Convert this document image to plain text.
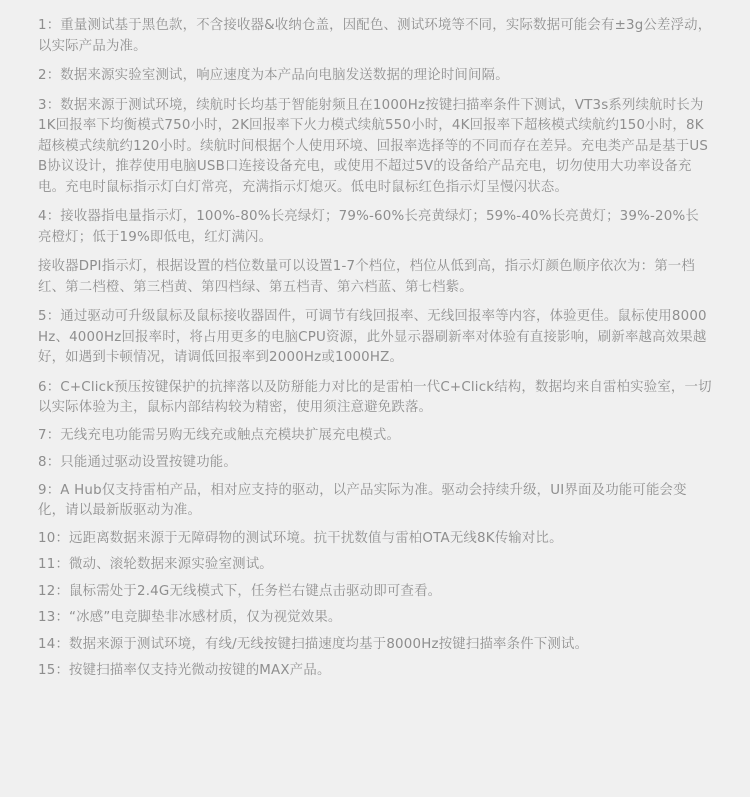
1：重量测试基于黑色款，不含接收器&收纳仓盖，因配色、测试环境等不同，实际数据可能会有±3g公差浮动，以实际产品为准。

2：数据来源实验室测试，响应速度为本产品向电脑发送数据的理论时间间隔。

3：数据来源于测试环境，续航时长均基于智能射频且在1000Hz按键扫描率条件下测试，VT3s系列续航时长为1K回报率下均衡模式750小时，2K回报率下火力模式续航550小时，4K回报率下超核模式续航约150小时，8K超核模式续航约120小时。续航时间根据个人使用环境、回报率选择等的不同而存在差异。充电类产品是基于USB协议设计，推荐使用电脑USB口连接设备充电，或使用不超过5V的设备给产品充电，切勿使用大功率设备充电。充电时鼠标指示灯白灯常亮，充满指示灯熄灭。低电时鼠标红色指示灯呈慢闪状态。

4：接收器指电量指示灯，100%-80%长亮绿灯；79%-60%长亮黄绿灯；59%-40%长亮黄灯；39%-20%长亮橙灯；低于19%即低电，红灯满闪。

接收器DPI指示灯，根据设置的档位数量可以设置1-7个档位，档位从低到高，指示灯颜色顺序依次为：第一档红、第二档橙、第三档黄、第四档绿、第五档青、第六档蓝、第七档紫。

5：通过驱动可升级鼠标及鼠标接收器固件，可调节有线回报率、无线回报率等内容，体验更佳。鼠标使用8000Hz、4000Hz回报率时，将占用更多的电脑CPU资源，此外显示器刷新率对体验有直接影响，刷新率越高效果越好，如遇到卡顿情况，请调低回报率到2000Hz或1000HZ。

6：C+Click预压按键保护的抗摔落以及防掰能力对比的是雷柏一代C+Click结构，数据均来自雷柏实验室，一切以实际体验为主，鼠标内部结构较为精密，使用须注意避免跌落。

7：无线充电功能需另购无线充或触点充模块扩展充电模式。

8：只能通过驱动设置按键功能。

9：A Hub仅支持雷柏产品，相对应支持的驱动，以产品实际为准。驱动会持续升级，UI界面及功能可能会变化，请以最新版驱动为准。

10：远距离数据来源于无障碍物的测试环境。抗干扰数值与雷柏OTA无线8K传输对比。

11：微动、滚轮数据来源实验室测试。

12：鼠标需处于2.4G无线模式下，任务栏右键点击驱动即可查看。

13：“冰感”电竞脚垫非冰感材质，仅为视觉效果。

14：数据来源于测试环境，有线/无线按键扫描速度均基于8000Hz按键扫描率条件下测试。

15：按键扫描率仅支持光微动按键的MAX产品。
